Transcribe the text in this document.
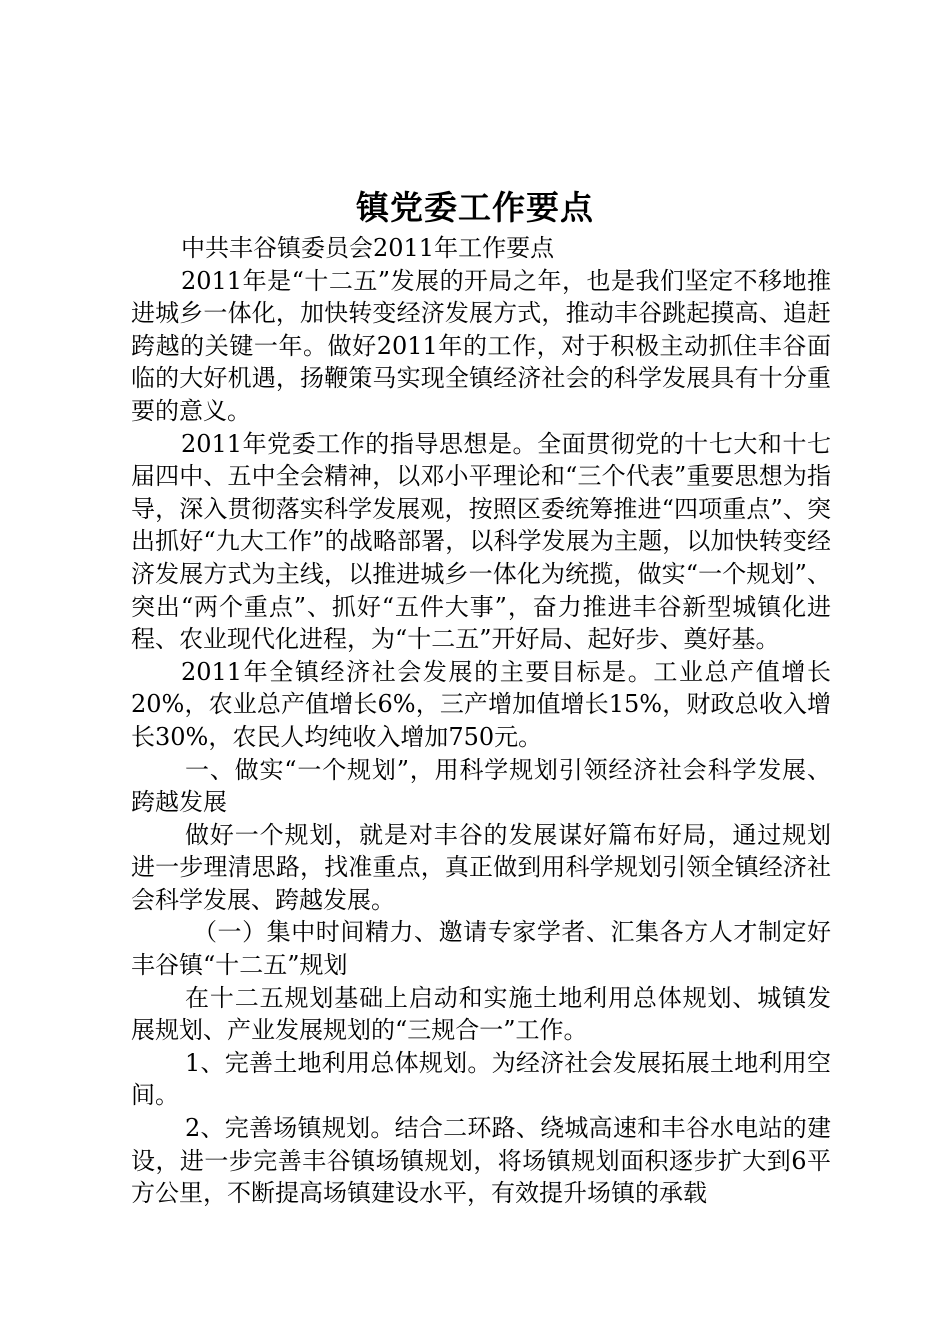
镇党委工作要点

中共丰谷镇委员会2011年工作要点

2011年是“十二五”发展的开局之年，也是我们坚定不移地推进城乡一体化，加快转变经济发展方式，推动丰谷跳起摸高、追赶跨越的关键一年。做好2011年的工作，对于积极主动抓住丰谷面临的大好机遇，扬鞭策马实现全镇经济社会的科学发展具有十分重要的意义。

2011年党委工作的指导思想是。全面贯彻党的十七大和十七届四中、五中全会精神，以邓小平理论和“三个代表”重要思想为指导，深入贯彻落实科学发展观，按照区委统筹推进“四项重点”、突出抓好“九大工作”的战略部署，以科学发展为主题，以加快转变经济发展方式为主线，以推进城乡一体化为统揽，做实“一个规划”、突出“两个重点”、抓好“五件大事”，奋力推进丰谷新型城镇化进程、农业现代化进程，为“十二五”开好局、起好步、奠好基。

2011年全镇经济社会发展的主要目标是。工业总产值增长20%，农业总产值增长6%，三产增加值增长15%，财政总收入增长30%，农民人均纯收入增加750元。

一、做实“一个规划”，用科学规划引领经济社会科学发展、跨越发展

做好一个规划，就是对丰谷的发展谋好篇布好局，通过规划进一步理清思路，找准重点，真正做到用科学规划引领全镇经济社会科学发展、跨越发展。

（一）集中时间精力、邀请专家学者、汇集各方人才制定好丰谷镇“十二五”规划

在十二五规划基础上启动和实施土地利用总体规划、城镇发展规划、产业发展规划的“三规合一”工作。

1、完善土地利用总体规划。为经济社会发展拓展土地利用空间。

2、完善场镇规划。结合二环路、绕城高速和丰谷水电站的建设，进一步完善丰谷镇场镇规划，将场镇规划面积逐步扩大到6平方公里，不断提高场镇建设水平，有效提升场镇的承载
